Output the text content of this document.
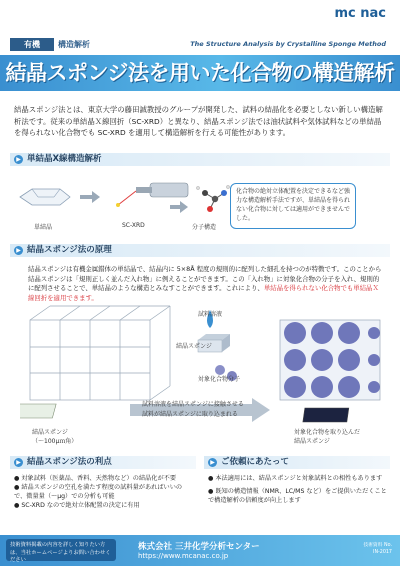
mc nac
有機	構造解析	The Structure Analysis by Crystalline Sponge Method
結晶スポンジ法を用いた化合物の構造解析
結晶スポンジ法とは、東京大学の藤田誠教授のグループが開発した、試料の結晶化を必要としない新しい構造解析法です。従来の単結晶Ｘ線回折（SC-XRD）と異なり、結晶スポンジ法では油状試料や気体試料などの単結晶を得られない化合物でも SC-XRD を適用して構造解析を行える可能性があります。
▶ 単結晶X線構造解析
単結晶	SC-XRD	分子構造
化合物の絶対立体配置を決定できるなど強力な構造解析手法ですが、単結晶を得られない化合物に対しては適用ができませんでした。
▶ 結晶スポンジ法の原理
結晶スポンジは有機金属錯体の単結晶で、結晶内に 5×8Å 程度の規則的に配列した細孔を持つのが特徴です。このことから結晶スポンジは「規則正しく並んだ入れ物」に例えることができます。この「入れ物」に対象化合物の分子を入れ、規則的に配列させることで、単結晶のような構造とみなすことができます。これにより、単結晶を得られない化合物でも単結晶Ｘ線回折を適用できます。
試料溶液
結晶スポンジ
対象化合物分子
試料溶液を結晶スポンジに接触させる
試料が結晶スポンジに取り込まれる
結晶スポンジ
（～100μｍ角）
対象化合物を取り込んだ
結晶スポンジ
▶ 結晶スポンジ法の利点	▶ ご依頼にあたって
● 対象試料（医薬品、香料、天然物など）の結晶化が不要
● 結晶スポンジの空孔を満たす程度の試料量があればいいので、微量量（～μg）での分析も可能
● SC-XRD なので絶対立体配置の決定に有用
● 本法適用には、結晶スポンジと対象試料との相性もあります
● 既知の構造情報（NMR、LC/MS など）をご提供いただくことで構造解析の信頼度が向上します
技術資料掲載の内容を詳しく知りたい方は、当社ホームページよりお問い合わせください
株式会社 三井化学分析センター
https://www.mcanac.co.jp
技術資料 No.
IN-2017
